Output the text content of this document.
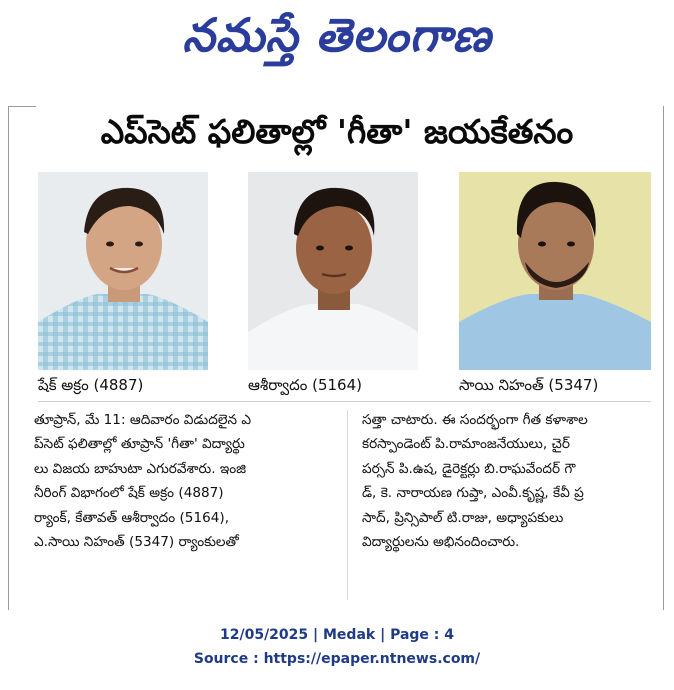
నమస్తే తెలంగాణ
ఎప్‌సెట్ ఫలితాల్లో 'గీతా' జయకేతనం
షేక్ అక్రం (4887)	ఆశీర్వాదం (5164)	సాయి నిహంత్ (5347)
తూప్రాన్, మే 11: ఆదివారం విడుదలైన ఎ
ప్‌సెట్ ఫలితాల్లో తూప్రాన్ 'గీతా' విద్యార్థు
లు విజయ బాహుటా ఎగురవేశారు. ఇంజి
నీరింగ్ విభాగంలో షేక్ అక్రం (4887)
ర్యాంక్, కేతావత్ ఆశీర్వాదం (5164),
ఎ.సాయి నిహంత్ (5347) ర్యాంకులతో
సత్తా చాటారు. ఈ సందర్భంగా గీత కళాశాల
కరస్పాండెంట్ పి.రామాంజనేయులు, చైర్
పర్సన్ పి.ఉష, డైరెక్టర్లు బి.రాఘవేందర్ గౌ
డ్, కె. నారాయణ గుప్తా, ఎంవీ.కృష్ణ, కేవీ ప్ర
సాద్, ప్రిన్సిపాల్ టి.రాజు, అధ్యాపకులు
విద్యార్థులను అభినందించారు.
12/05/2025 | Medak | Page : 4
Source : https://epaper.ntnews.com/
